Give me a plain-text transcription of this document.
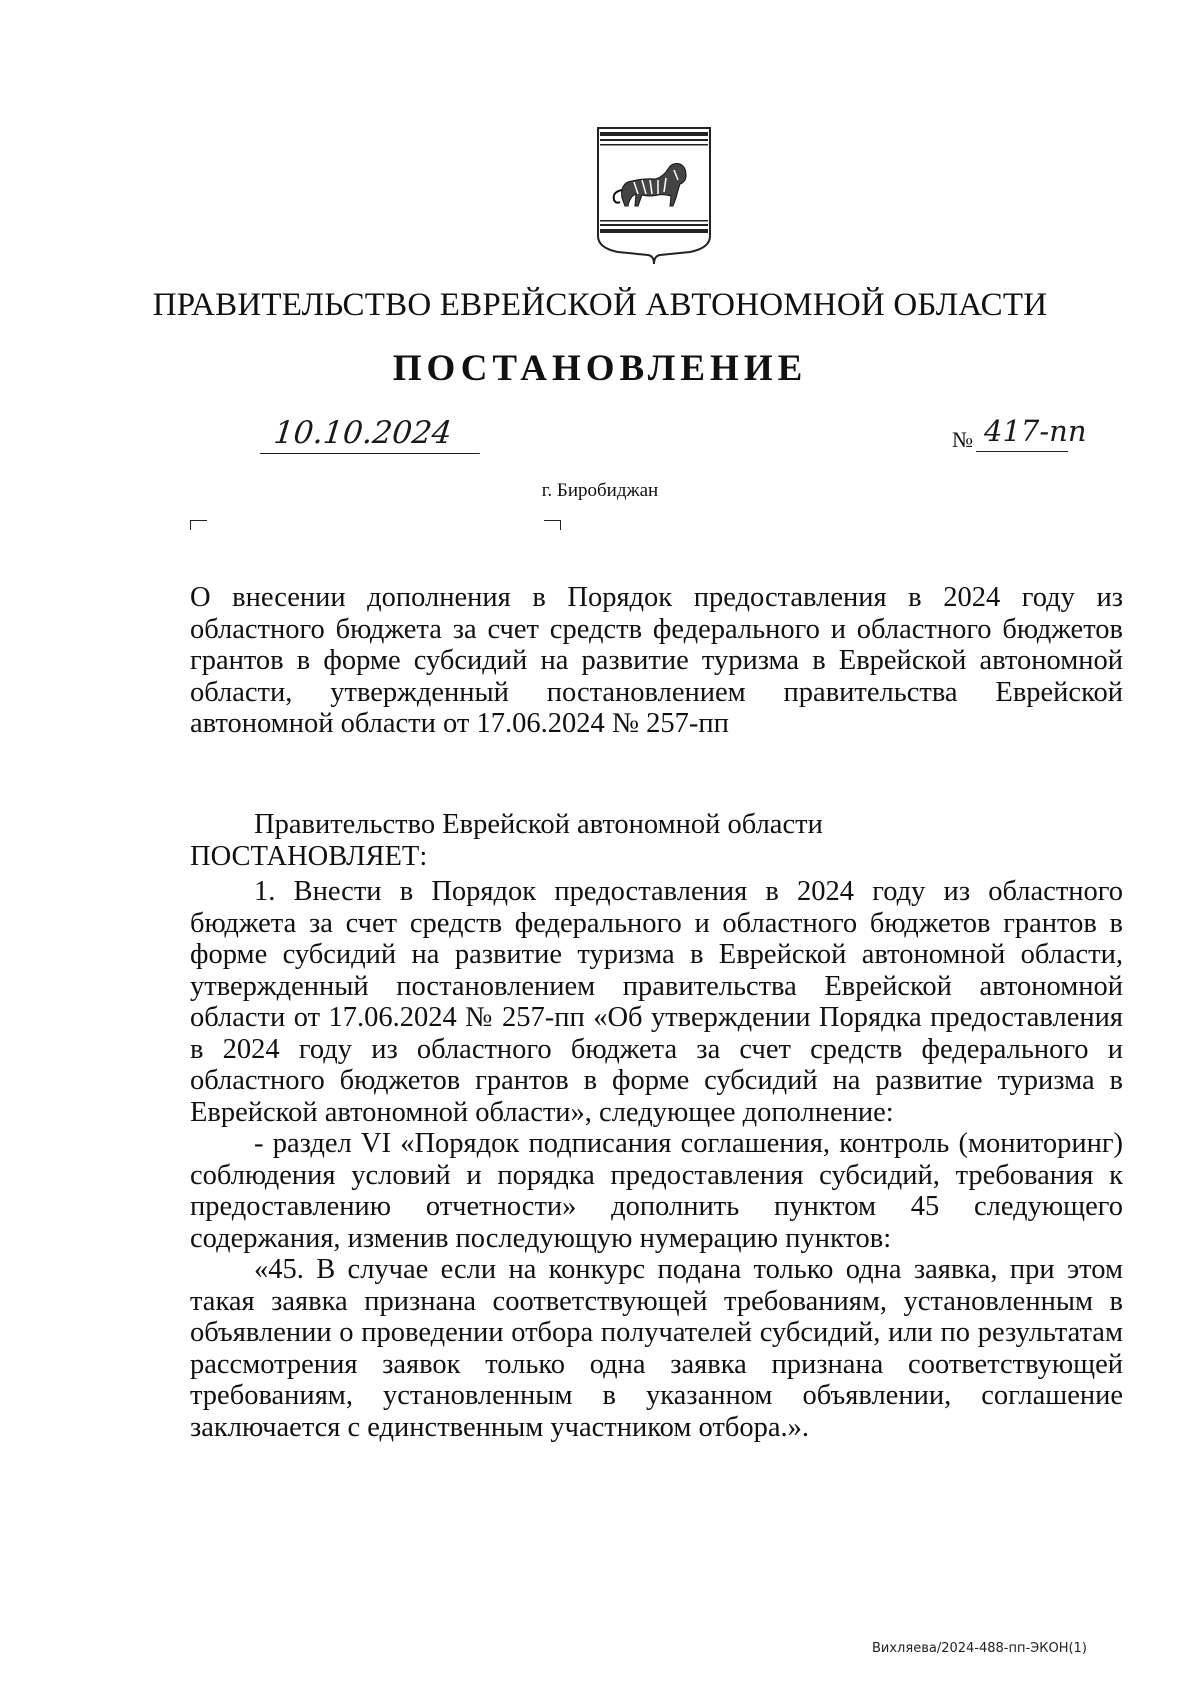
ПРАВИТЕЛЬСТВО ЕВРЕЙСКОЙ АВТОНОМНОЙ ОБЛАСТИ
ПОСТАНОВЛЕНИЕ
10.10.2024	№ 417-пп
г. Биробиджан
О внесении дополнения в Порядок предоставления в 2024 году из областного бюджета за счет средств федерального и областного бюджетов грантов в форме субсидий на развитие туризма в Еврейской автономной области, утвержденный постановлением правительства Еврейской автономной области от 17.06.2024 № 257-пп
Правительство Еврейской автономной области
ПОСТАНОВЛЯЕТ:

1. Внести в Порядок предоставления в 2024 году из областного бюджета за счет средств федерального и областного бюджетов грантов в форме субсидий на развитие туризма в Еврейской автономной области, утвержденный постановлением правительства Еврейской автономной области от 17.06.2024 № 257-пп «Об утверждении Порядка предоставления в 2024 году из областного бюджета за счет средств федерального и областного бюджетов грантов в форме субсидий на развитие туризма в Еврейской автономной области», следующее дополнение:

- раздел VI «Порядок подписания соглашения, контроль (мониторинг) соблюдения условий и порядка предоставления субсидий, требования к предоставлению отчетности» дополнить пунктом 45 следующего содержания, изменив последующую нумерацию пунктов:

«45. В случае если на конкурс подана только одна заявка, при этом такая заявка признана соответствующей требованиям, установленным в объявлении о проведении отбора получателей субсидий, или по результатам рассмотрения заявок только одна заявка признана соответствующей требованиям, установленным в указанном объявлении, соглашение заключается с единственным участником отбора.».

Вихляева/2024-488-пп-ЭКОН(1)
